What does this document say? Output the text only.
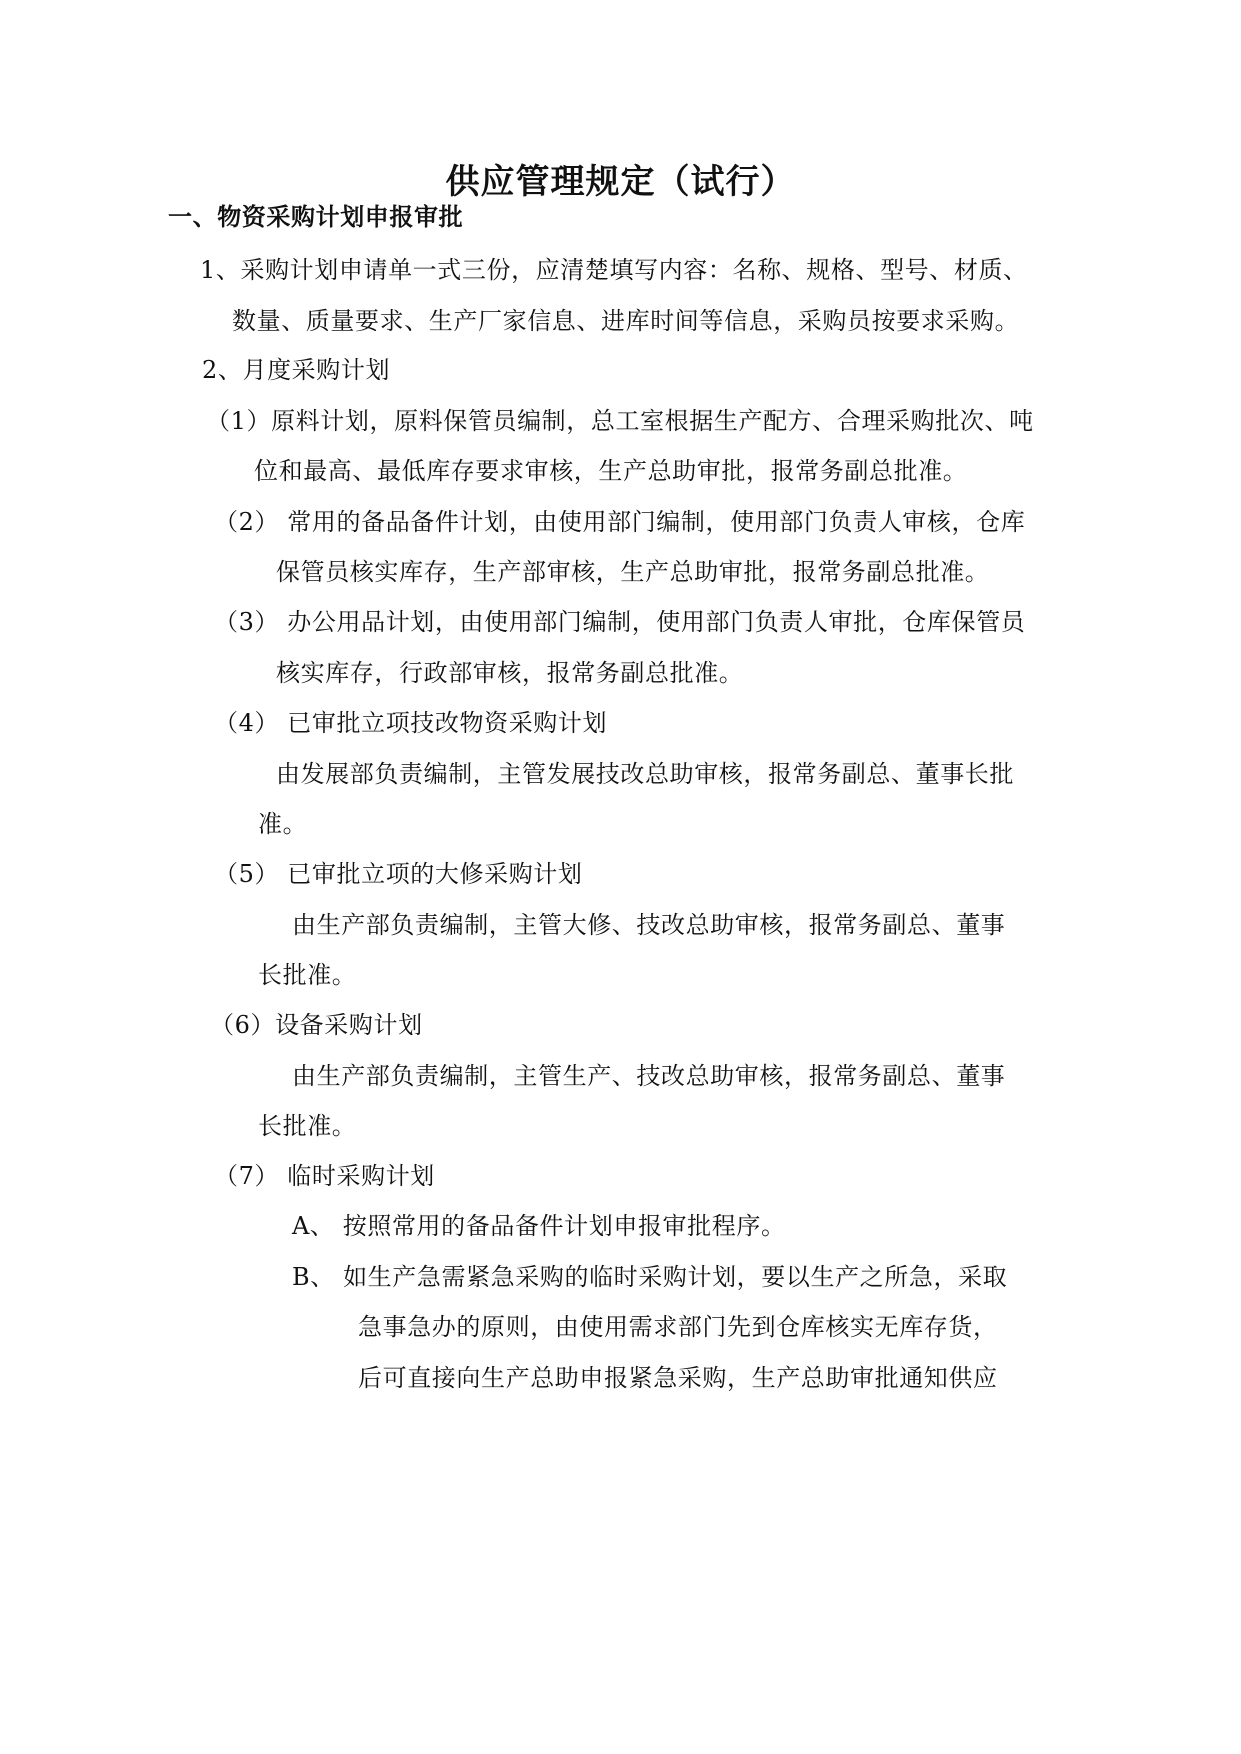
供应管理规定（试行）
一、物资采购计划申报审批
1、采购计划申请单一式三份，应清楚填写内容：名称、规格、型号、材质、
数量、质量要求、生产厂家信息、进库时间等信息，采购员按要求采购。
2、月度采购计划
（1）原料计划，原料保管员编制，总工室根据生产配方、合理采购批次、吨
位和最高、最低库存要求审核，生产总助审批，报常务副总批准。
（2） 常用的备品备件计划，由使用部门编制，使用部门负责人审核，仓库
保管员核实库存，生产部审核，生产总助审批，报常务副总批准。
（3） 办公用品计划，由使用部门编制，使用部门负责人审批，仓库保管员
核实库存，行政部审核，报常务副总批准。
（4） 已审批立项技改物资采购计划
由发展部负责编制，主管发展技改总助审核，报常务副总、董事长批
准。
（5） 已审批立项的大修采购计划
由生产部负责编制，主管大修、技改总助审核，报常务副总、董事
长批准。
（6）设备采购计划
由生产部负责编制，主管生产、技改总助审核，报常务副总、董事
长批准。
（7） 临时采购计划
A、 按照常用的备品备件计划申报审批程序。
B、 如生产急需紧急采购的临时采购计划，要以生产之所急，采取
急事急办的原则，由使用需求部门先到仓库核实无库存货，
后可直接向生产总助申报紧急采购，生产总助审批通知供应
